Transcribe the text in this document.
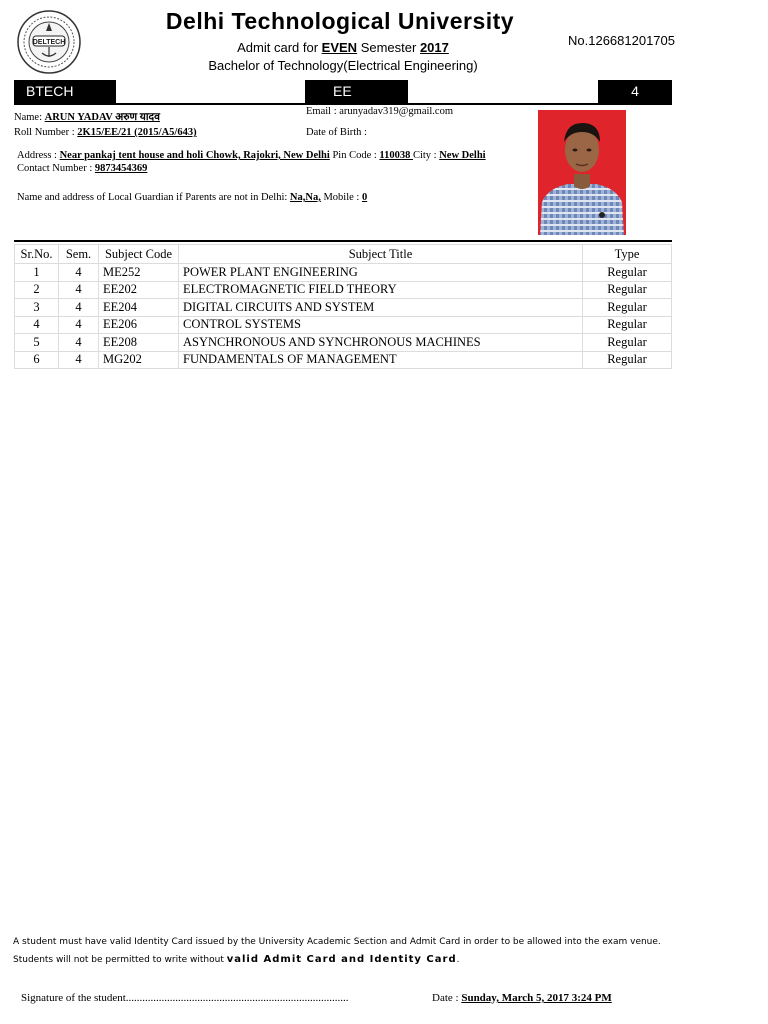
DELTECH
Delhi Technological University
Admit card for EVEN Semester 2017
Bachelor of Technology(Electrical Engineering)
No.126681201705
BTECH	EE	4
Name: ARUN YADAV अरुण यादव
Email : arunyadav319@gmail.com
Roll Number : 2K15/EE/21 (2015/A5/643)	Date of Birth :
Address : Near pankaj tent house and holi Chowk, Rajokri, New Delhi Pin Code : 110038 City : New Delhi
Contact Number : 9873454369
Name and address of Local Guardian if Parents are not in Delhi: Na,Na, Mobile : 0
Sr.No.	Sem.	Subject Code	Subject Title	Type
1	4	ME252	POWER PLANT ENGINEERING	Regular
2	4	EE202	ELECTROMAGNETIC FIELD THEORY	Regular
3	4	EE204	DIGITAL CIRCUITS AND SYSTEM	Regular
4	4	EE206	CONTROL SYSTEMS	Regular
5	4	EE208	ASYNCHRONOUS AND SYNCHRONOUS MACHINES	Regular
6	4	MG202	FUNDAMENTALS OF MANAGEMENT	Regular
A student must have valid Identity Card issued by the University Academic Section and Admit Card in order to be allowed into the exam venue.
Students will not be permitted to write without valid Admit Card and Identity Card.
Signature of the student.................................................................................	Date : Sunday, March 5, 2017 3:24 PM
